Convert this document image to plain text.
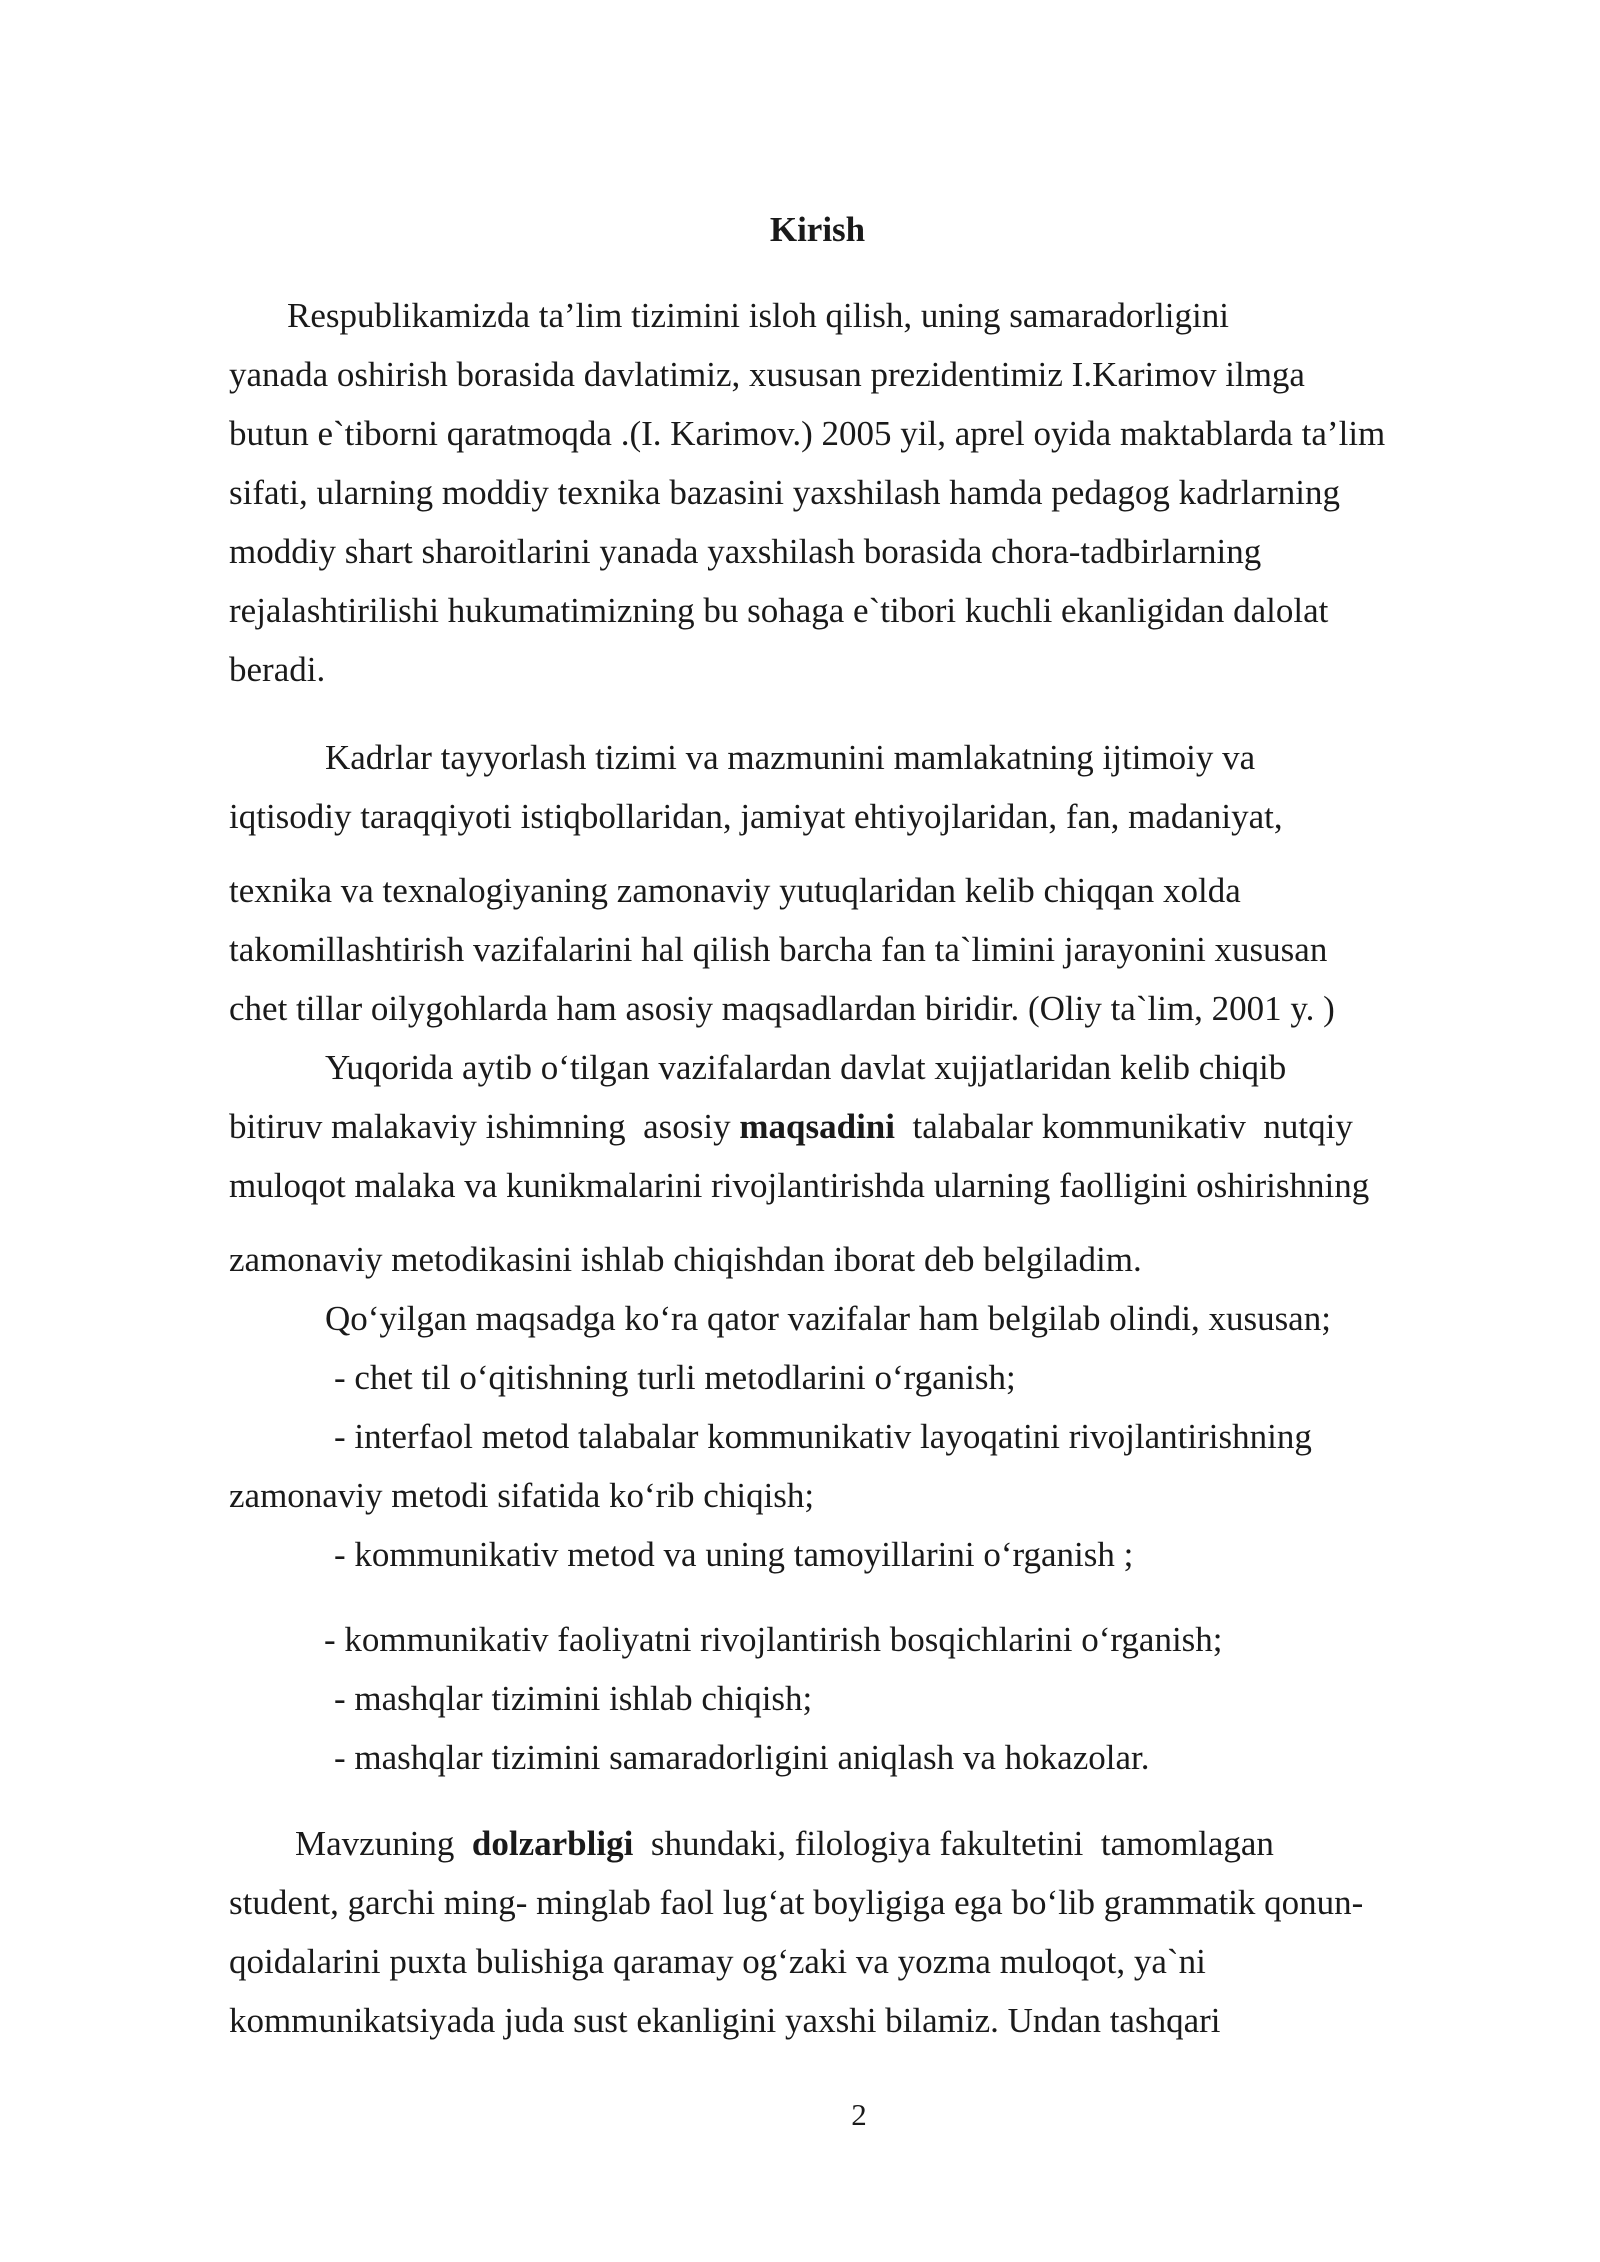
Kirish
Respublikamizda ta’lim tizimini isloh qilish, uning samaradorligini
yanada oshirish borasida davlatimiz, xususan prezidentimiz I.Karimov ilmga
butun e`tiborni qaratmoqda .(I. Karimov.) 2005 yil, aprel oyida maktablarda ta’lim
sifati, ularning moddiy texnika bazasini yaxshilash hamda pedagog kadrlarning
moddiy shart sharoitlarini yanada yaxshilash borasida chora-tadbirlarning
rejalashtirilishi hukumatimizning bu sohaga e`tibori kuchli ekanligidan dalolat
beradi.
Kadrlar tayyorlash tizimi va mazmunini mamlakatning ijtimoiy va
iqtisodiy taraqqiyoti istiqbollaridan, jamiyat ehtiyojlaridan, fan, madaniyat,
texnika va texnalogiyaning zamonaviy yutuqlaridan kelib chiqqan xolda
takomillashtirish vazifalarini hal qilish barcha fan ta`limini jarayonini xususan
chet tillar oilygohlarda ham asosiy maqsadlardan biridir. (Oliy ta`lim, 2001 y. )
Yuqorida aytib o‘tilgan vazifalardan davlat xujjatlaridan kelib chiqib
bitiruv malakaviy ishimning  asosiy maqsadini  talabalar kommunikativ  nutqiy
muloqot malaka va kunikmalarini rivojlantirishda ularning faolligini oshirishning
zamonaviy metodikasini ishlab chiqishdan iborat deb belgiladim.
Qo‘yilgan maqsadga ko‘ra qator vazifalar ham belgilab olindi, xususan;
- chet til o‘qitishning turli metodlarini o‘rganish;
- interfaol metod talabalar kommunikativ layoqatini rivojlantirishning
zamonaviy metodi sifatida ko‘rib chiqish;
- kommunikativ metod va uning tamoyillarini o‘rganish ;
- kommunikativ faoliyatni rivojlantirish bosqichlarini o‘rganish;
- mashqlar tizimini ishlab chiqish;
- mashqlar tizimini samaradorligini aniqlash va hokazolar.
Mavzuning  dolzarbligi  shundaki, filologiya fakultetini  tamomlagan
student, garchi ming- minglab faol lug‘at boyligiga ega bo‘lib grammatik qonun-
qoidalarini puxta bulishiga qaramay og‘zaki va yozma muloqot, ya`ni
kommunikatsiyada juda sust ekanligini yaxshi bilamiz. Undan tashqari
2
